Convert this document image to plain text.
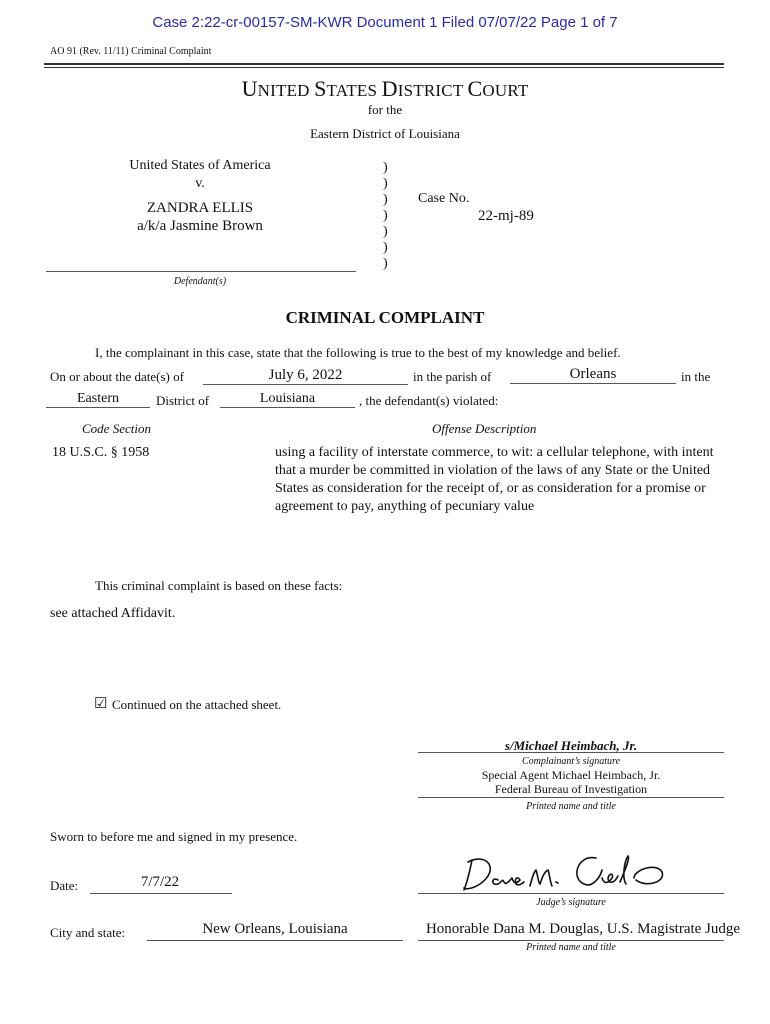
Case 2:22-cr-00157-SM-KWR Document 1 Filed 07/07/22 Page 1 of 7
AO 91 (Rev. 11/11) Criminal Complaint
UNITED STATES DISTRICT COURT
for the
Eastern District of Louisiana
United States of America
v.
ZANDRA ELLIS
a/k/a Jasmine Brown
Defendant(s)
)
)
)
)
)
)
)
Case No.
22-mj-89
CRIMINAL COMPLAINT
I, the complainant in this case, state that the following is true to the best of my knowledge and belief.
On or about the date(s) of	July 6, 2022	in the parish of	Orleans	in the
Eastern	District of	Louisiana	, the defendant(s) violated:
Code Section	Offense Description
18 U.S.C. § 1958	using a facility of interstate commerce, to wit: a cellular telephone, with intent that a murder be committed in violation of the laws of any State or the United States as consideration for the receipt of, or as consideration for a promise or agreement to pay, anything of pecuniary value
This criminal complaint is based on these facts:
see attached Affidavit.
☑ Continued on the attached sheet.
s/Michael Heimbach, Jr.
Complainant’s signature
Special Agent Michael Heimbach, Jr.
Federal Bureau of Investigation
Printed name and title
Sworn to before me and signed in my presence.
Date:	7/7/22
Judge’s signature
City and state:	New Orleans, Louisiana	Honorable Dana M. Douglas, U.S. Magistrate Judge
Printed name and title
